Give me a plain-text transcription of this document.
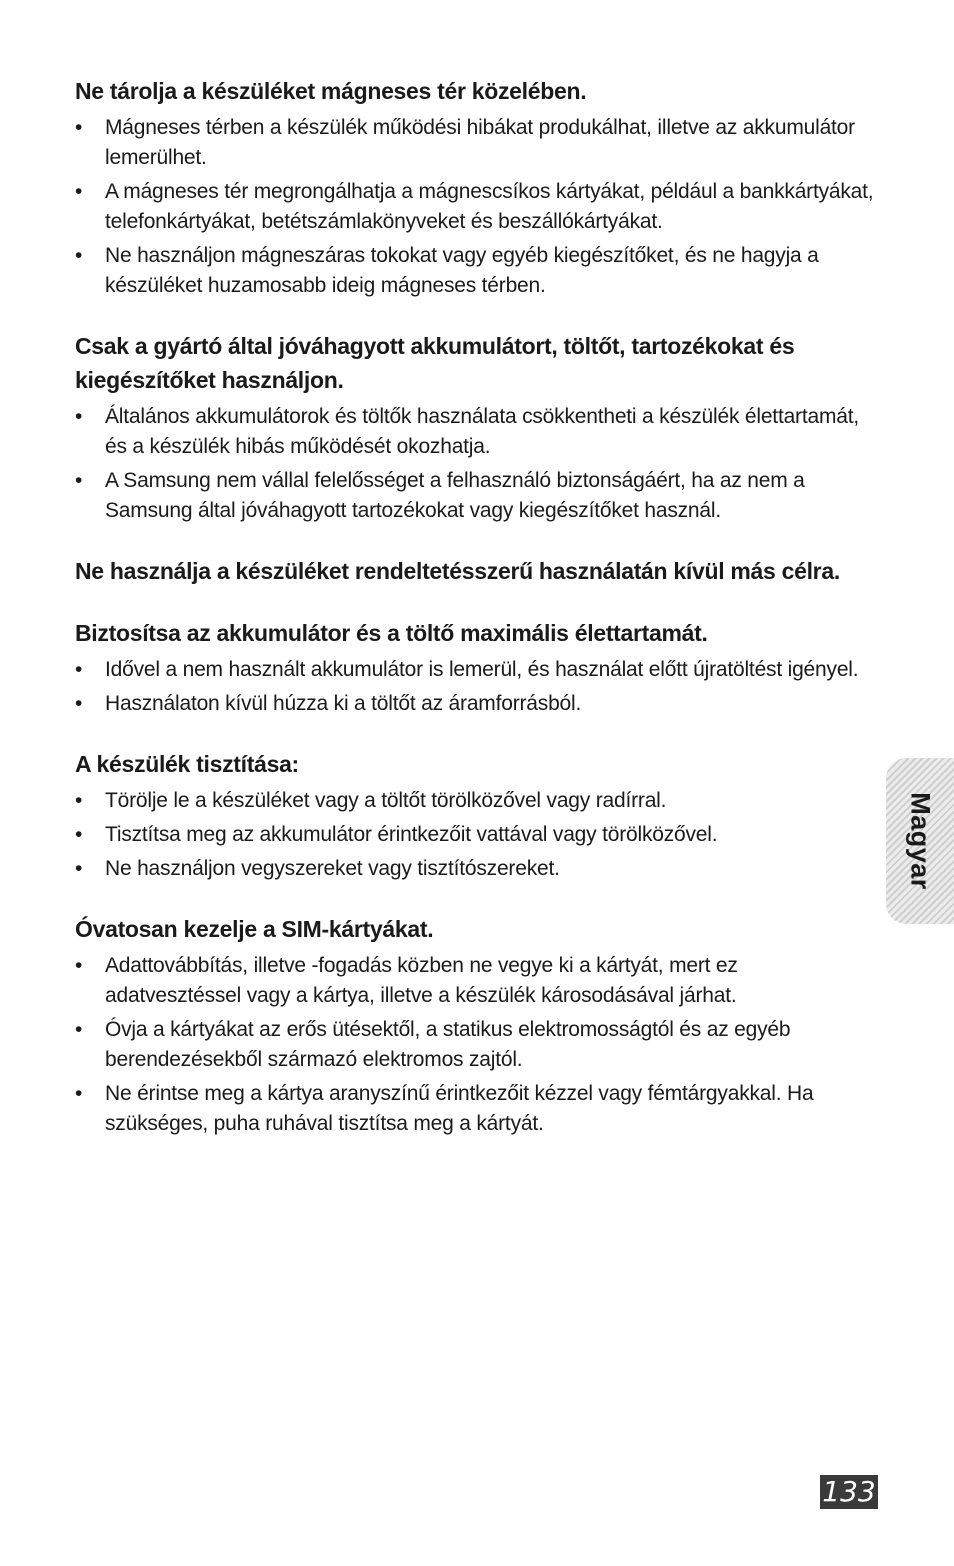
Ne tárolja a készüléket mágneses tér közelében.
• Mágneses térben a készülék működési hibákat produkálhat, illetve az akkumulátor lemerülhet.
• A mágneses tér megrongálhatja a mágnescsíkos kártyákat, például a bankkártyákat, telefonkártyákat, betétszámlakönyveket és beszállókártyákat.
• Ne használjon mágneszáras tokokat vagy egyéb kiegészítőket, és ne hagyja a készüléket huzamosabb ideig mágneses térben.
Csak a gyártó által jóváhagyott akkumulátort, töltőt, tartozékokat és kiegészítőket használjon.
• Általános akkumulátorok és töltők használata csökkentheti a készülék élettartamát, és a készülék hibás működését okozhatja.
• A Samsung nem vállal felelősséget a felhasználó biztonságáért, ha az nem a Samsung által jóváhagyott tartozékokat vagy kiegészítőket használ.
Ne használja a készüléket rendeltetésszerű használatán kívül más célra.
Biztosítsa az akkumulátor és a töltő maximális élettartamát.
• Idővel a nem használt akkumulátor is lemerül, és használat előtt újratöltést igényel.
• Használaton kívül húzza ki a töltőt az áramforrásból.
A készülék tisztítása:
• Törölje le a készüléket vagy a töltőt törölközővel vagy radírral.
• Tisztítsa meg az akkumulátor érintkezőit vattával vagy törölközővel.
• Ne használjon vegyszereket vagy tisztítószereket.
Óvatosan kezelje a SIM-kártyákat.
• Adattovábbítás, illetve -fogadás közben ne vegye ki a kártyát, mert ez adatvesztéssel vagy a kártya, illetve a készülék károsodásával járhat.
• Óvja a kártyákat az erős ütésektől, a statikus elektromosságtól és az egyéb berendezésekből származó elektromos zajtól.
• Ne érintse meg a kártya aranyszínű érintkezőit kézzel vagy fémtárgyakkal. Ha szükséges, puha ruhával tisztítsa meg a kártyát.
Magyar
133
